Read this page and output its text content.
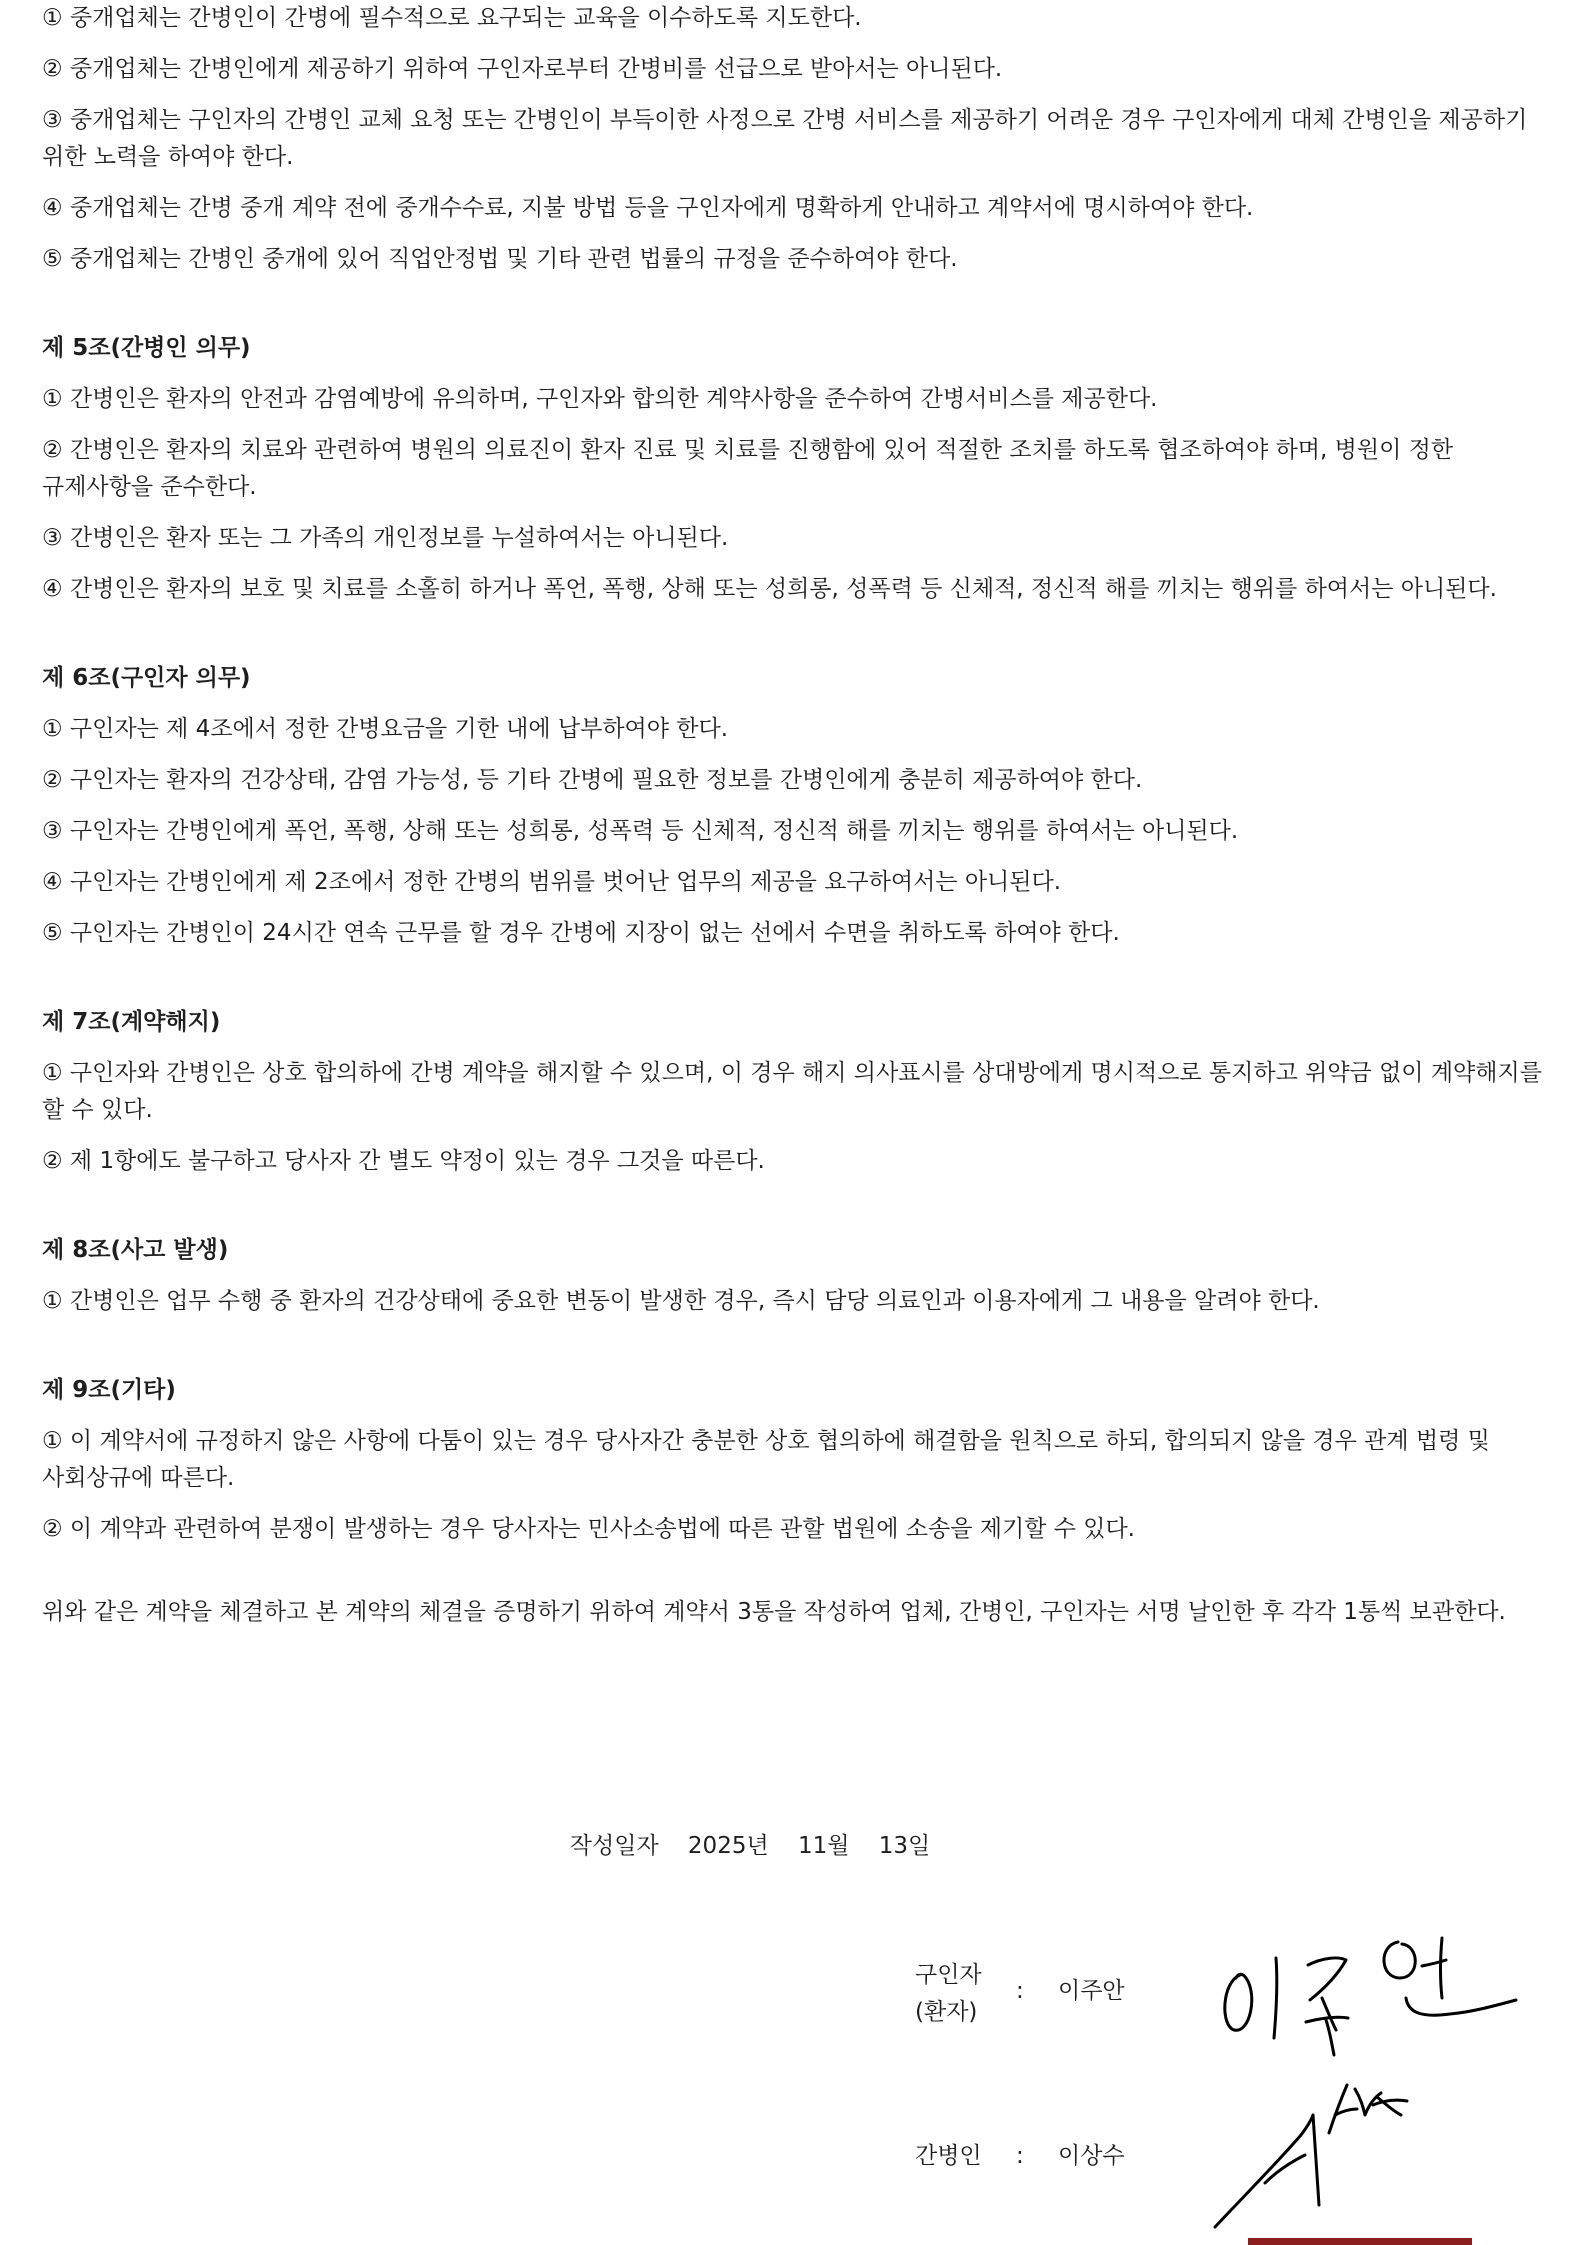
① 중개업체는 간병인이 간병에 필수적으로 요구되는 교육을 이수하도록 지도한다.

② 중개업체는 간병인에게 제공하기 위하여 구인자로부터 간병비를 선급으로 받아서는 아니된다.

③ 중개업체는 구인자의 간병인 교체 요청 또는 간병인이 부득이한 사정으로 간병 서비스를 제공하기 어려운 경우 구인자에게 대체 간병인을 제공하기 위한 노력을 하여야 한다.

④ 중개업체는 간병 중개 계약 전에 중개수수료, 지불 방법 등을 구인자에게 명확하게 안내하고 계약서에 명시하여야 한다.

⑤ 중개업체는 간병인 중개에 있어 직업안정법 및 기타 관련 법률의 규정을 준수하여야 한다.

제 5조(간병인 의무)

① 간병인은 환자의 안전과 감염예방에 유의하며, 구인자와 합의한 계약사항을 준수하여 간병서비스를 제공한다.

② 간병인은 환자의 치료와 관련하여 병원의 의료진이 환자 진료 및 치료를 진행함에 있어 적절한 조치를 하도록 협조하여야 하며, 병원이 정한 규제사항을 준수한다.

③ 간병인은 환자 또는 그 가족의 개인정보를 누설하여서는 아니된다.

④ 간병인은 환자의 보호 및 치료를 소홀히 하거나 폭언, 폭행, 상해 또는 성희롱, 성폭력 등 신체적, 정신적 해를 끼치는 행위를 하여서는 아니된다.

제 6조(구인자 의무)

① 구인자는 제 4조에서 정한 간병요금을 기한 내에 납부하여야 한다.

② 구인자는 환자의 건강상태, 감염 가능성, 등 기타 간병에 필요한 정보를 간병인에게 충분히 제공하여야 한다.

③ 구인자는 간병인에게 폭언, 폭행, 상해 또는 성희롱, 성폭력 등 신체적, 정신적 해를 끼치는 행위를 하여서는 아니된다.

④ 구인자는 간병인에게 제 2조에서 정한 간병의 범위를 벗어난 업무의 제공을 요구하여서는 아니된다.

⑤ 구인자는 간병인이 24시간 연속 근무를 할 경우 간병에 지장이 없는 선에서 수면을 취하도록 하여야 한다.

제 7조(계약해지)

① 구인자와 간병인은 상호 합의하에 간병 계약을 해지할 수 있으며, 이 경우 해지 의사표시를 상대방에게 명시적으로 통지하고 위약금 없이 계약해지를 할 수 있다.

② 제 1항에도 불구하고 당사자 간 별도 약정이 있는 경우 그것을 따른다.

제 8조(사고 발생)

① 간병인은 업무 수행 중 환자의 건강상태에 중요한 변동이 발생한 경우, 즉시 담당 의료인과 이용자에게 그 내용을 알려야 한다.

제 9조(기타)

① 이 계약서에 규정하지 않은 사항에 다툼이 있는 경우 당사자간 충분한 상호 협의하에 해결함을 원칙으로 하되, 합의되지 않을 경우 관계 법령 및 사회상규에 따른다.

② 이 계약과 관련하여 분쟁이 발생하는 경우 당사자는 민사소송법에 따른 관할 법원에 소송을 제기할 수 있다.

위와 같은 계약을 체결하고 본 계약의 체결을 증명하기 위하여 계약서 3통을 작성하여 업체, 간병인, 구인자는 서명 날인한 후 각각 1통씩 보관한다.

작성일자 2025년 11월 13일
구인자
(환자)
: 이주안
간병인 : 이상수
